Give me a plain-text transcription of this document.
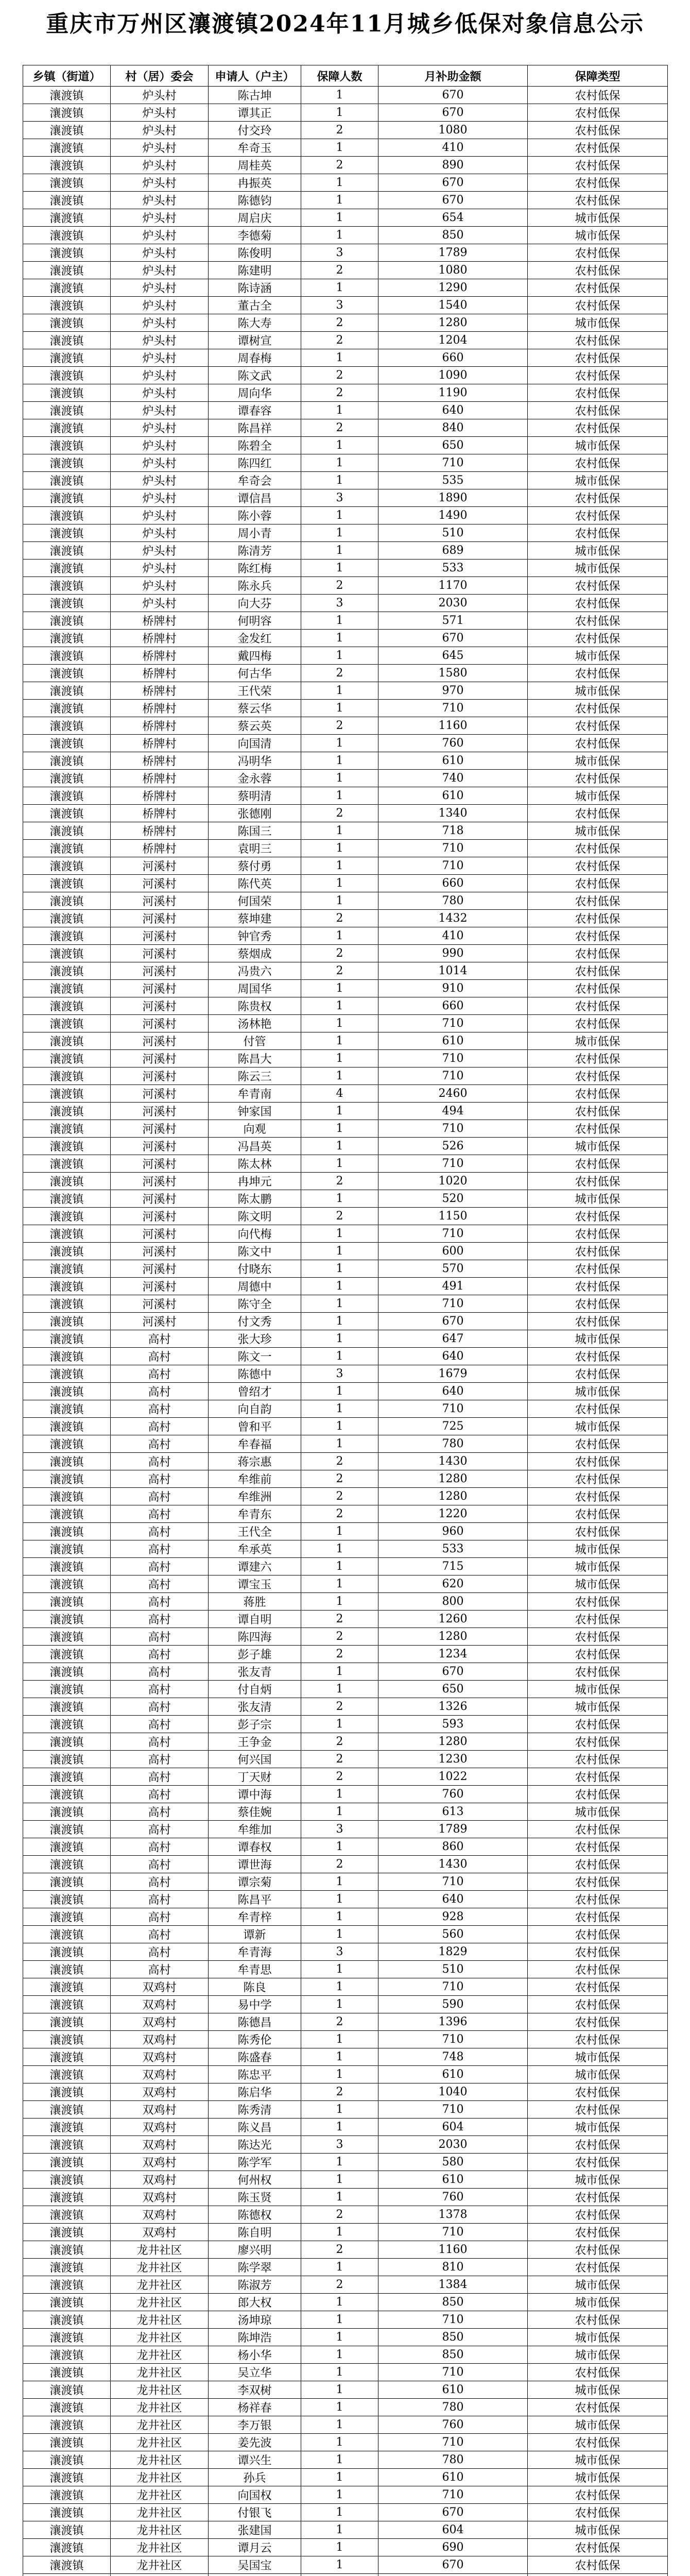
重庆市万州区瀼渡镇2024年11月城乡低保对象信息公示
乡镇（街道）	村（居）委会	申请人（户主）	保障人数	月补助金额	保障类型
瀼渡镇	炉头村	陈古坤	1	670	农村低保
瀼渡镇	炉头村	谭其正	1	670	农村低保
瀼渡镇	炉头村	付交玲	2	1080	农村低保
瀼渡镇	炉头村	牟奇玉	1	410	农村低保
瀼渡镇	炉头村	周桂英	2	890	农村低保
瀼渡镇	炉头村	冉振英	1	670	农村低保
瀼渡镇	炉头村	陈德钧	1	670	农村低保
瀼渡镇	炉头村	周启庆	1	654	城市低保
瀼渡镇	炉头村	李德菊	1	850	城市低保
瀼渡镇	炉头村	陈俊明	3	1789	农村低保
瀼渡镇	炉头村	陈建明	2	1080	农村低保
瀼渡镇	炉头村	陈诗涵	1	1290	农村低保
瀼渡镇	炉头村	董古全	3	1540	农村低保
瀼渡镇	炉头村	陈大寿	2	1280	城市低保
瀼渡镇	炉头村	谭树宣	2	1204	农村低保
瀼渡镇	炉头村	周春梅	1	660	农村低保
瀼渡镇	炉头村	陈文武	2	1090	农村低保
瀼渡镇	炉头村	周向华	2	1190	农村低保
瀼渡镇	炉头村	谭春容	1	640	农村低保
瀼渡镇	炉头村	陈昌祥	2	840	农村低保
瀼渡镇	炉头村	陈碧全	1	650	城市低保
瀼渡镇	炉头村	陈四红	1	710	农村低保
瀼渡镇	炉头村	牟奇会	1	535	城市低保
瀼渡镇	炉头村	谭信昌	3	1890	农村低保
瀼渡镇	炉头村	陈小蓉	1	1490	农村低保
瀼渡镇	炉头村	周小青	1	510	农村低保
瀼渡镇	炉头村	陈清芳	1	689	城市低保
瀼渡镇	炉头村	陈红梅	1	533	城市低保
瀼渡镇	炉头村	陈永兵	2	1170	农村低保
瀼渡镇	炉头村	向大芬	3	2030	农村低保
瀼渡镇	桥牌村	何明容	1	571	农村低保
瀼渡镇	桥牌村	金发红	1	670	农村低保
瀼渡镇	桥牌村	戴四梅	1	645	城市低保
瀼渡镇	桥牌村	何古华	2	1580	农村低保
瀼渡镇	桥牌村	王代荣	1	970	城市低保
瀼渡镇	桥牌村	蔡云华	1	710	农村低保
瀼渡镇	桥牌村	蔡云英	2	1160	农村低保
瀼渡镇	桥牌村	向国清	1	760	农村低保
瀼渡镇	桥牌村	冯明华	1	610	城市低保
瀼渡镇	桥牌村	金永蓉	1	740	农村低保
瀼渡镇	桥牌村	蔡明清	1	610	城市低保
瀼渡镇	桥牌村	张德刚	2	1340	农村低保
瀼渡镇	桥牌村	陈国三	1	718	城市低保
瀼渡镇	桥牌村	袁明三	1	710	农村低保
瀼渡镇	河溪村	蔡付勇	1	710	农村低保
瀼渡镇	河溪村	陈代英	1	660	农村低保
瀼渡镇	河溪村	何国荣	1	780	农村低保
瀼渡镇	河溪村	蔡坤建	2	1432	农村低保
瀼渡镇	河溪村	钟官秀	1	410	农村低保
瀼渡镇	河溪村	蔡烟成	2	990	农村低保
瀼渡镇	河溪村	冯贵六	2	1014	农村低保
瀼渡镇	河溪村	周国华	1	910	农村低保
瀼渡镇	河溪村	陈贵权	1	660	农村低保
瀼渡镇	河溪村	汤林艳	1	710	农村低保
瀼渡镇	河溪村	付管	1	610	城市低保
瀼渡镇	河溪村	陈昌大	1	710	农村低保
瀼渡镇	河溪村	陈云三	1	710	农村低保
瀼渡镇	河溪村	牟青南	4	2460	农村低保
瀼渡镇	河溪村	钟家国	1	494	农村低保
瀼渡镇	河溪村	向观	1	710	农村低保
瀼渡镇	河溪村	冯昌英	1	526	城市低保
瀼渡镇	河溪村	陈太林	1	710	农村低保
瀼渡镇	河溪村	冉坤元	2	1020	农村低保
瀼渡镇	河溪村	陈太鹏	1	520	城市低保
瀼渡镇	河溪村	陈文明	2	1150	农村低保
瀼渡镇	河溪村	向代梅	1	710	农村低保
瀼渡镇	河溪村	陈文中	1	600	农村低保
瀼渡镇	河溪村	付晓东	1	570	农村低保
瀼渡镇	河溪村	周德中	1	491	农村低保
瀼渡镇	河溪村	陈守全	1	710	农村低保
瀼渡镇	河溪村	付文秀	1	670	农村低保
瀼渡镇	高村	张大珍	1	647	城市低保
瀼渡镇	高村	陈文一	1	640	农村低保
瀼渡镇	高村	陈德中	3	1679	农村低保
瀼渡镇	高村	曾绍才	1	640	城市低保
瀼渡镇	高村	向自韵	1	710	农村低保
瀼渡镇	高村	曾和平	1	725	城市低保
瀼渡镇	高村	牟春福	1	780	农村低保
瀼渡镇	高村	蒋宗惠	2	1430	农村低保
瀼渡镇	高村	牟维前	2	1280	农村低保
瀼渡镇	高村	牟维洲	2	1280	农村低保
瀼渡镇	高村	牟青东	2	1220	农村低保
瀼渡镇	高村	王代全	1	960	农村低保
瀼渡镇	高村	牟承英	1	533	城市低保
瀼渡镇	高村	谭建六	1	715	城市低保
瀼渡镇	高村	谭宝玉	1	620	城市低保
瀼渡镇	高村	蒋胜	1	800	农村低保
瀼渡镇	高村	谭自明	2	1260	农村低保
瀼渡镇	高村	陈四海	2	1280	农村低保
瀼渡镇	高村	彭子雄	2	1234	农村低保
瀼渡镇	高村	张友青	1	670	农村低保
瀼渡镇	高村	付自炳	1	650	城市低保
瀼渡镇	高村	张友清	2	1326	城市低保
瀼渡镇	高村	彭子宗	1	593	农村低保
瀼渡镇	高村	王争金	2	1280	农村低保
瀼渡镇	高村	何兴国	2	1230	农村低保
瀼渡镇	高村	丁天财	2	1022	农村低保
瀼渡镇	高村	谭中海	1	760	农村低保
瀼渡镇	高村	蔡佳婉	1	613	城市低保
瀼渡镇	高村	牟维加	3	1789	农村低保
瀼渡镇	高村	谭春权	1	860	农村低保
瀼渡镇	高村	谭世海	2	1430	农村低保
瀼渡镇	高村	谭宗菊	1	710	农村低保
瀼渡镇	高村	陈昌平	1	640	农村低保
瀼渡镇	高村	牟青梓	1	928	农村低保
瀼渡镇	高村	谭新	1	560	农村低保
瀼渡镇	高村	牟青海	3	1829	农村低保
瀼渡镇	高村	牟青思	1	510	农村低保
瀼渡镇	双鸡村	陈良	1	710	农村低保
瀼渡镇	双鸡村	易中学	1	590	农村低保
瀼渡镇	双鸡村	陈德昌	2	1396	农村低保
瀼渡镇	双鸡村	陈秀伦	1	710	农村低保
瀼渡镇	双鸡村	陈盛春	1	748	城市低保
瀼渡镇	双鸡村	陈忠平	1	610	城市低保
瀼渡镇	双鸡村	陈启华	2	1040	农村低保
瀼渡镇	双鸡村	陈秀清	1	710	农村低保
瀼渡镇	双鸡村	陈义昌	1	604	城市低保
瀼渡镇	双鸡村	陈达光	3	2030	农村低保
瀼渡镇	双鸡村	陈学军	1	580	农村低保
瀼渡镇	双鸡村	何州权	1	610	城市低保
瀼渡镇	双鸡村	陈玉贤	1	760	农村低保
瀼渡镇	双鸡村	陈德权	2	1378	农村低保
瀼渡镇	双鸡村	陈自明	1	710	农村低保
瀼渡镇	龙井社区	廖兴明	2	1160	农村低保
瀼渡镇	龙井社区	陈学翠	1	810	农村低保
瀼渡镇	龙井社区	陈淑芳	2	1384	城市低保
瀼渡镇	龙井社区	郎大权	1	850	城市低保
瀼渡镇	龙井社区	汤坤琼	1	710	农村低保
瀼渡镇	龙井社区	陈坤浩	1	850	城市低保
瀼渡镇	龙井社区	杨小华	1	850	城市低保
瀼渡镇	龙井社区	吴立华	1	710	农村低保
瀼渡镇	龙井社区	李双树	1	610	城市低保
瀼渡镇	龙井社区	杨祥春	1	780	农村低保
瀼渡镇	龙井社区	李万银	1	760	城市低保
瀼渡镇	龙井社区	姜先波	1	710	农村低保
瀼渡镇	龙井社区	谭兴生	1	780	城市低保
瀼渡镇	龙井社区	孙兵	1	610	城市低保
瀼渡镇	龙井社区	向国权	1	710	农村低保
瀼渡镇	龙井社区	付银飞	1	670	农村低保
瀼渡镇	龙井社区	张建国	1	604	城市低保
瀼渡镇	龙井社区	谭月云	1	690	农村低保
瀼渡镇	龙井社区	吴国宝	1	670	农村低保
